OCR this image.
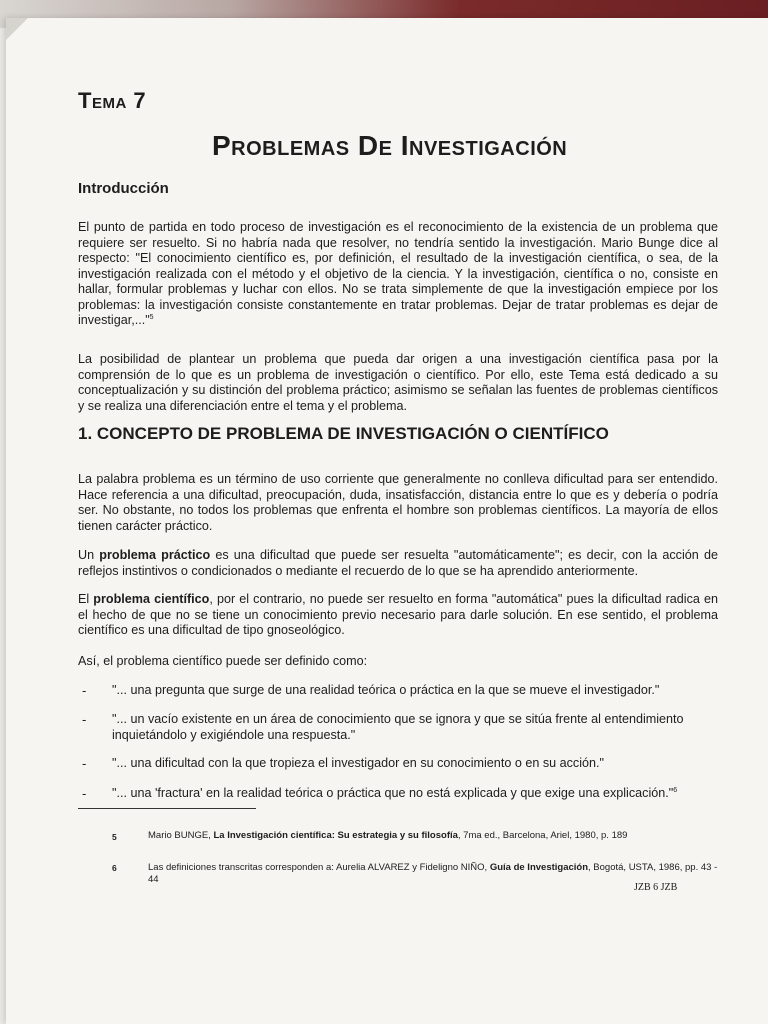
Tema 7
Problemas De Investigación
Introducción
El punto de partida en todo proceso de investigación es el reconocimiento de la existencia de un problema que requiere ser resuelto. Si no habría nada que resolver, no tendría sentido la investigación. Mario Bunge dice al respecto: "El conocimiento científico es, por definición, el resultado de la investigación científica, o sea, de la investigación realizada con el método y el objetivo de la ciencia. Y la investigación, científica o no, consiste en hallar, formular problemas y luchar con ellos. No se trata simplemente de que la investigación empiece por los problemas: la investigación consiste constantemente en tratar problemas. Dejar de tratar problemas es dejar de investigar,..."$^5$
La posibilidad de plantear un problema que pueda dar origen a una investigación científica pasa por la comprensión de lo que es un problema de investigación o científico. Por ello, este Tema está dedicado a su conceptualización y su distinción del problema práctico; asimismo se señalan las fuentes de problemas científicos y se realiza una diferenciación entre el tema y el problema.
1. CONCEPTO DE PROBLEMA DE INVESTIGACIÓN O CIENTÍFICO
La palabra problema es un término de uso corriente que generalmente no conlleva dificultad para ser entendido. Hace referencia a una dificultad, preocupación, duda, insatisfacción, distancia entre lo que es y debería o podría ser. No obstante, no todos los problemas que enfrenta el hombre son problemas científicos. La mayoría de ellos tienen carácter práctico.
Un problema práctico es una dificultad que puede ser resuelta "automáticamente"; es decir, con la acción de reflejos instintivos o condicionados o mediante el recuerdo de lo que se ha aprendido anteriormente.
El problema científico, por el contrario, no puede ser resuelto en forma "automática" pues la dificultad radica en el hecho de que no se tiene un conocimiento previo necesario para darle solución. En ese sentido, el problema científico es una dificultad de tipo gnoseológico.
Así, el problema científico puede ser definido como:
- "... una pregunta que surge de una realidad teórica o práctica en la que se mueve el investigador."
- "... un vacío existente en un área de conocimiento que se ignora y que se sitúa frente al entendimiento inquietándolo y exigiéndole una respuesta."
- "... una dificultad con la que tropieza el investigador en su conocimiento o en su acción."
- "... una 'fractura' en la realidad teórica o práctica que no está explicada y que exige una explicación."$^6$
5	Mario BUNGE, La Investigación científica: Su estrategia y su filosofía, 7ma ed., Barcelona, Ariel, 1980, p. 189
6	Las definiciones transcritas corresponden a: Aurelia ALVAREZ y Fideligno NIÑO, Guía de Investigación, Bogotá, USTA, 1986, pp. 43 - 44
JZB 6 JZB
